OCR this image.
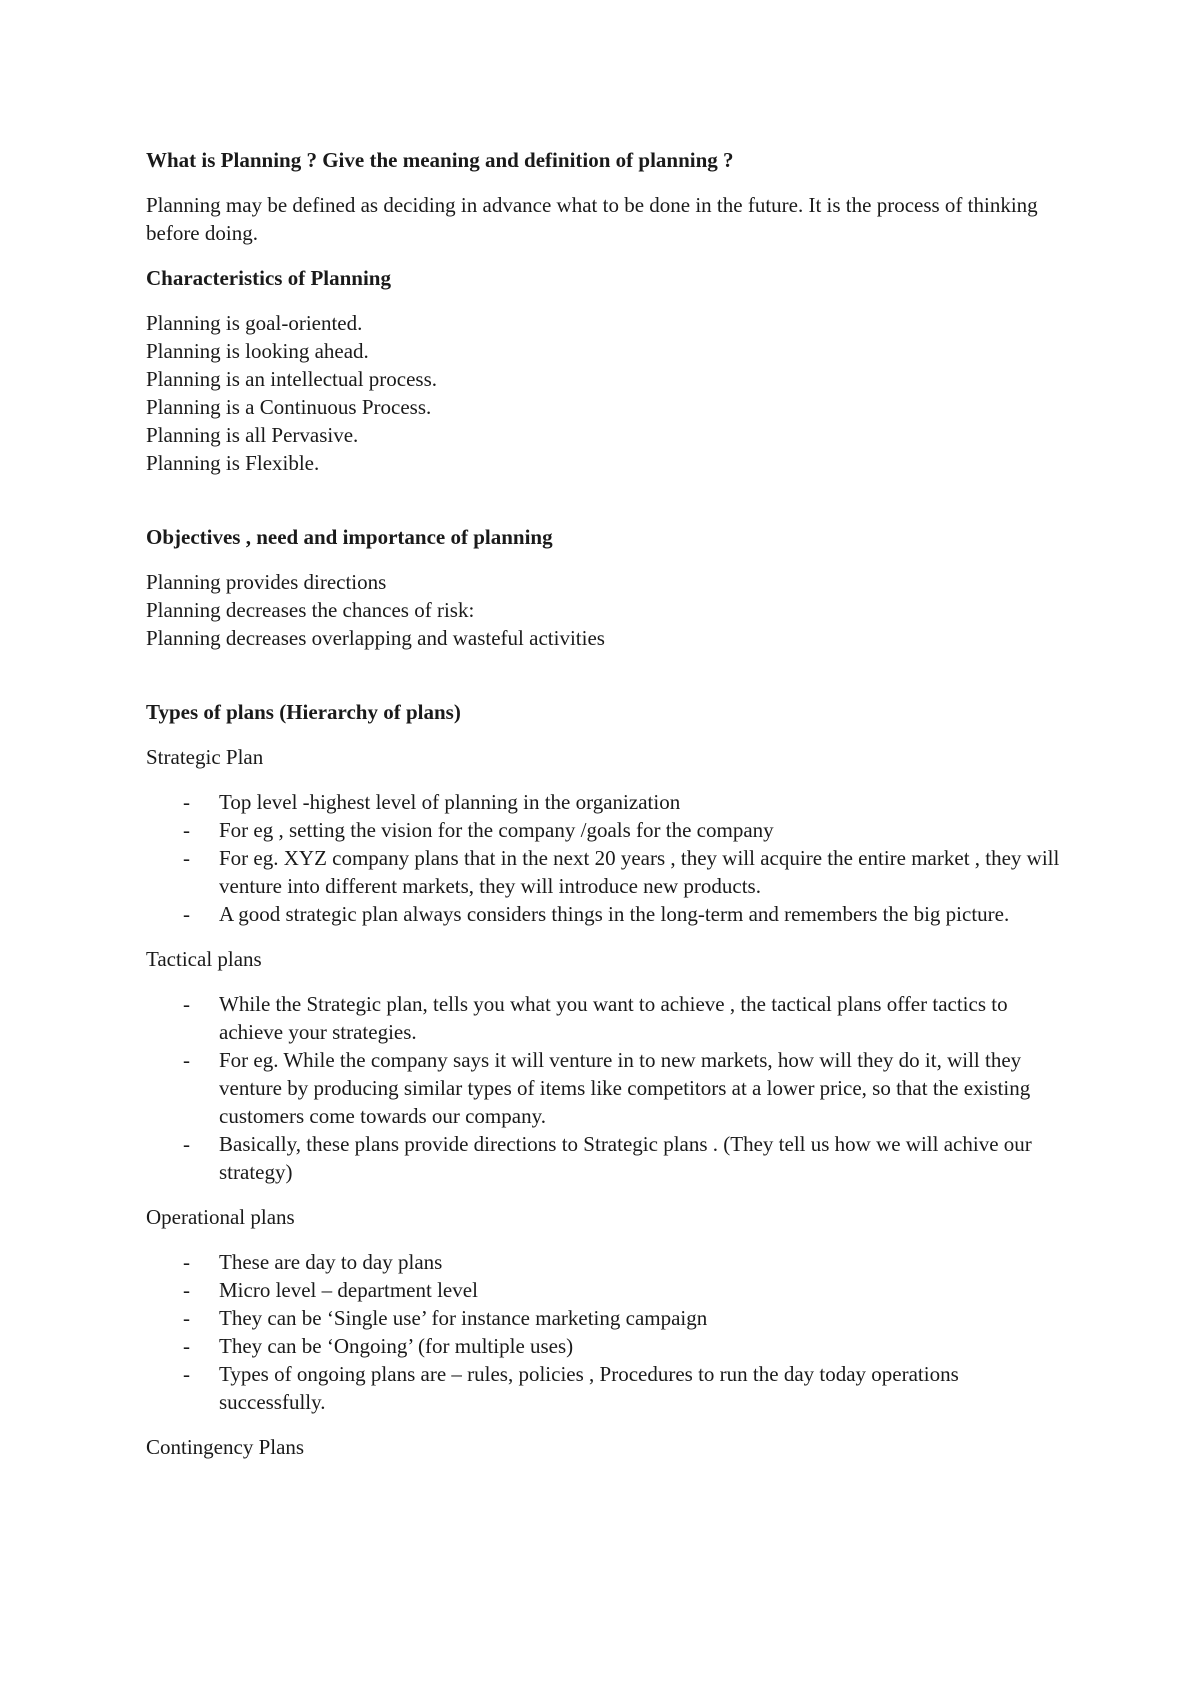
What is Planning ? Give the meaning and definition of planning ?

Planning may be defined as deciding in advance what to be done in the future. It is the process of thinking before doing.

Characteristics of Planning

Planning is goal-oriented.
Planning is looking ahead.
Planning is an intellectual process.
Planning is a Continuous Process.
Planning is all Pervasive.
Planning is Flexible.

Objectives , need and importance of planning

Planning provides directions
Planning decreases the chances of risk:
Planning decreases overlapping and wasteful activities

Types of plans (Hierarchy of plans)

Strategic Plan

- Top level -highest level of planning in the organization
- For eg , setting the vision for the company /goals for the company
- For eg. XYZ company plans that in the next 20 years , they will acquire the entire market , they will venture into different markets, they will introduce new products.
- A good strategic plan always considers things in the long-term and remembers the big picture.

Tactical plans

- While the Strategic plan, tells you what you want to achieve , the tactical plans offer tactics to achieve your strategies.
- For eg. While the company says it will venture in to new markets, how will they do it, will they venture by producing similar types of items like competitors at a lower price, so that the existing customers come towards our company.
- Basically, these plans provide directions to Strategic plans . (They tell us how we will achive our strategy)

Operational plans

- These are day to day plans
- Micro level – department level
- They can be ‘Single use’ for instance marketing campaign
- They can be ‘Ongoing’ (for multiple uses)
- Types of ongoing plans are – rules, policies , Procedures to run the day today operations successfully.

Contingency Plans
